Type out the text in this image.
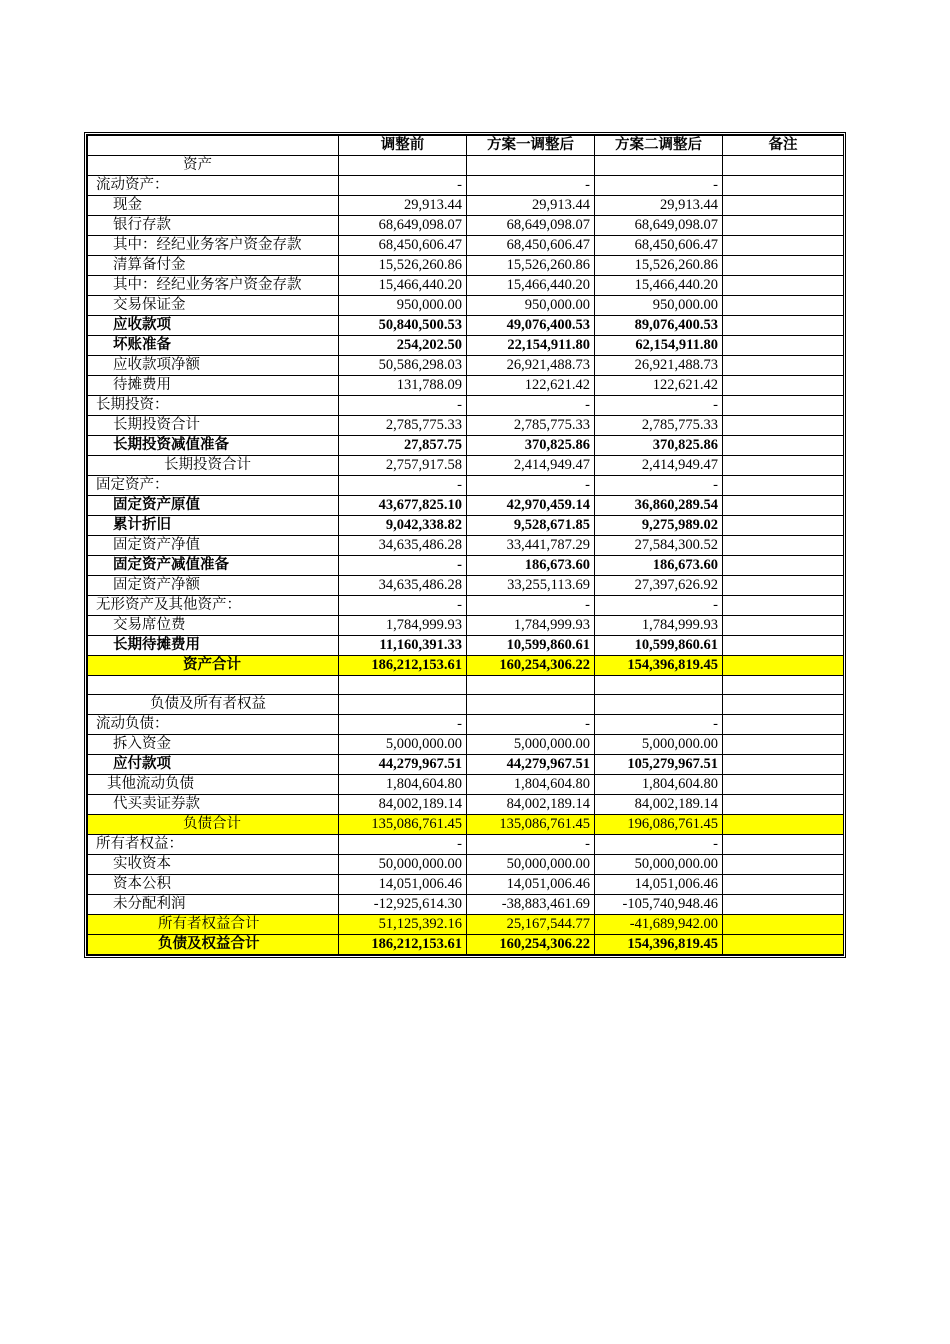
	调整前	方案一调整后	方案二调整后	备注
资产				
流动资产：	-	-	-	
现金	29,913.44	29,913.44	29,913.44	
银行存款	68,649,098.07	68,649,098.07	68,649,098.07	
其中：经纪业务客户资金存款	68,450,606.47	68,450,606.47	68,450,606.47	
清算备付金	15,526,260.86	15,526,260.86	15,526,260.86	
其中：经纪业务客户资金存款	15,466,440.20	15,466,440.20	15,466,440.20	
交易保证金	950,000.00	950,000.00	950,000.00	
应收款项	50,840,500.53	49,076,400.53	89,076,400.53	
坏账准备	254,202.50	22,154,911.80	62,154,911.80	
应收款项净额	50,586,298.03	26,921,488.73	26,921,488.73	
待摊费用	131,788.09	122,621.42	122,621.42	
长期投资：	-	-	-	
长期投资合计	2,785,775.33	2,785,775.33	2,785,775.33	
长期投资减值准备	27,857.75	370,825.86	370,825.86	
长期投资合计	2,757,917.58	2,414,949.47	2,414,949.47	
固定资产：	-	-	-	
固定资产原值	43,677,825.10	42,970,459.14	36,860,289.54	
累计折旧	9,042,338.82	9,528,671.85	9,275,989.02	
固定资产净值	34,635,486.28	33,441,787.29	27,584,300.52	
固定资产减值准备	-	186,673.60	186,673.60	
固定资产净额	34,635,486.28	33,255,113.69	27,397,626.92	
无形资产及其他资产：	-	-	-	
交易席位费	1,784,999.93	1,784,999.93	1,784,999.93	
长期待摊费用	11,160,391.33	10,599,860.61	10,599,860.61	
资产合计	186,212,153.61	160,254,306.22	154,396,819.45	

负债及所有者权益				
流动负债：	-	-	-	
拆入资金	5,000,000.00	5,000,000.00	5,000,000.00	
应付款项	44,279,967.51	44,279,967.51	105,279,967.51	
其他流动负债	1,804,604.80	1,804,604.80	1,804,604.80	
代买卖证券款	84,002,189.14	84,002,189.14	84,002,189.14	
负债合计	135,086,761.45	135,086,761.45	196,086,761.45	
所有者权益：	-	-	-	
实收资本	50,000,000.00	50,000,000.00	50,000,000.00	
资本公积	14,051,006.46	14,051,006.46	14,051,006.46	
未分配利润	-12,925,614.30	-38,883,461.69	-105,740,948.46	
所有者权益合计	51,125,392.16	25,167,544.77	-41,689,942.00	
负债及权益合计	186,212,153.61	160,254,306.22	154,396,819.45	
